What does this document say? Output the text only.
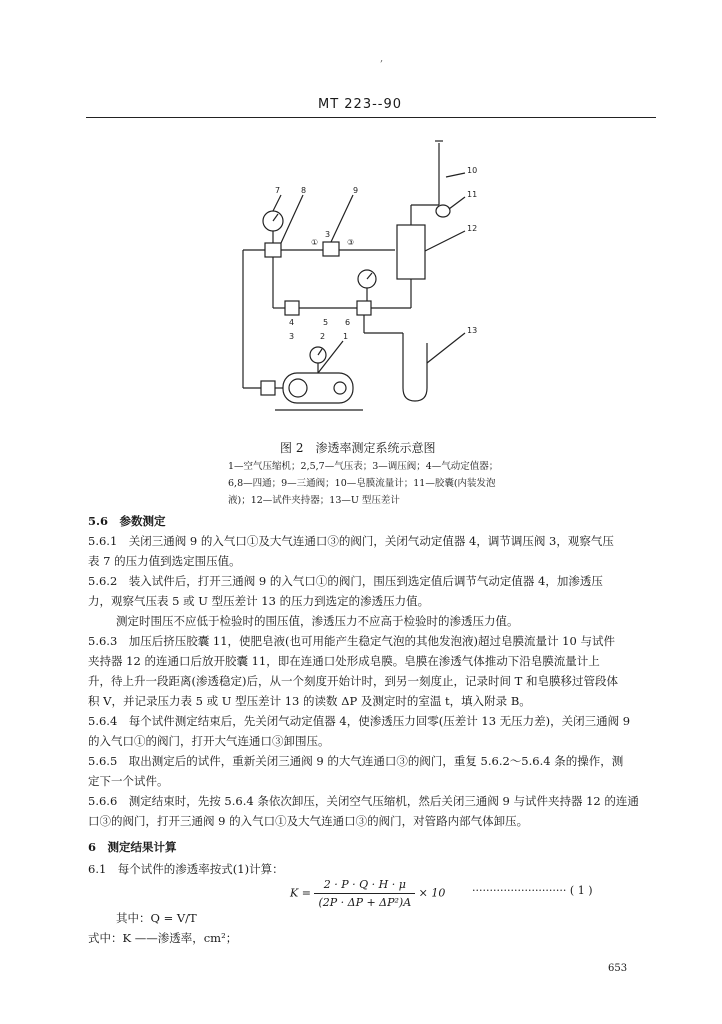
,
MT 223--90
7	8	9
3
10
11
12
4	5 6
3	2 1
13
①	③
图 2　渗透率测定系统示意图
1—空气压缩机；2,5,7—气压表；3—调压阀；4—气动定值器；
6,8—四通；9—三通阀；10—皂膜流量计；11—胶囊(内装发泡
液)；12—试件夹持器；13—U 型压差计
5.6　参数测定
5.6.1　关闭三通阀 9 的入气口①及大气连通口③的阀门，关闭气动定值器 4，调节调压阀 3，观察气压
表 7 的压力值到选定围压值。
5.6.2　装入试件后，打开三通阀 9 的入气口①的阀门，围压到选定值后调节气动定值器 4，加渗透压
力，观察气压表 5 或 U 型压差计 13 的压力到选定的渗透压力值。
测定时围压不应低于检验时的围压值，渗透压力不应高于检验时的渗透压力值。
5.6.3　加压后挤压胶囊 11，使肥皂液(也可用能产生稳定气泡的其他发泡液)超过皂膜流量计 10 与试件
夹持器 12 的连通口后放开胶囊 11，即在连通口处形成皂膜。皂膜在渗透气体推动下沿皂膜流量计上
升，待上升一段距离(渗透稳定)后，从一个刻度开始计时，到另一刻度止，记录时间 T 和皂膜移过管段体
积 V，并记录压力表 5 或 U 型压差计 13 的读数 ΔP 及测定时的室温 t，填入附录 B。
5.6.4　每个试件测定结束后，先关闭气动定值器 4，使渗透压力回零(压差计 13 无压力差)，关闭三通阀 9
的入气口①的阀门，打开大气连通口③卸围压。
5.6.5　取出测定后的试件，重新关闭三通阀 9 的大气连通口③的阀门，重复 5.6.2～5.6.4 条的操作，测
定下一个试件。
5.6.6　测定结束时，先按 5.6.4 条依次卸压，关闭空气压缩机，然后关闭三通阀 9 与试件夹持器 12 的连通
口③的阀门，打开三通阀 9 的入气口①及大气连通口③的阀门，对管路内部气体卸压。
6　测定结果计算
6.1　每个试件的渗透率按式(1)计算：
$K = \frac{2 \cdot P \cdot Q \cdot H \cdot \mu}{\text{(2P · ΔP + ΔP²)A}} \times 10$ ··························· ( 1 )
其中：Q = V/T
式中：K ——渗透率，cm²；
653
